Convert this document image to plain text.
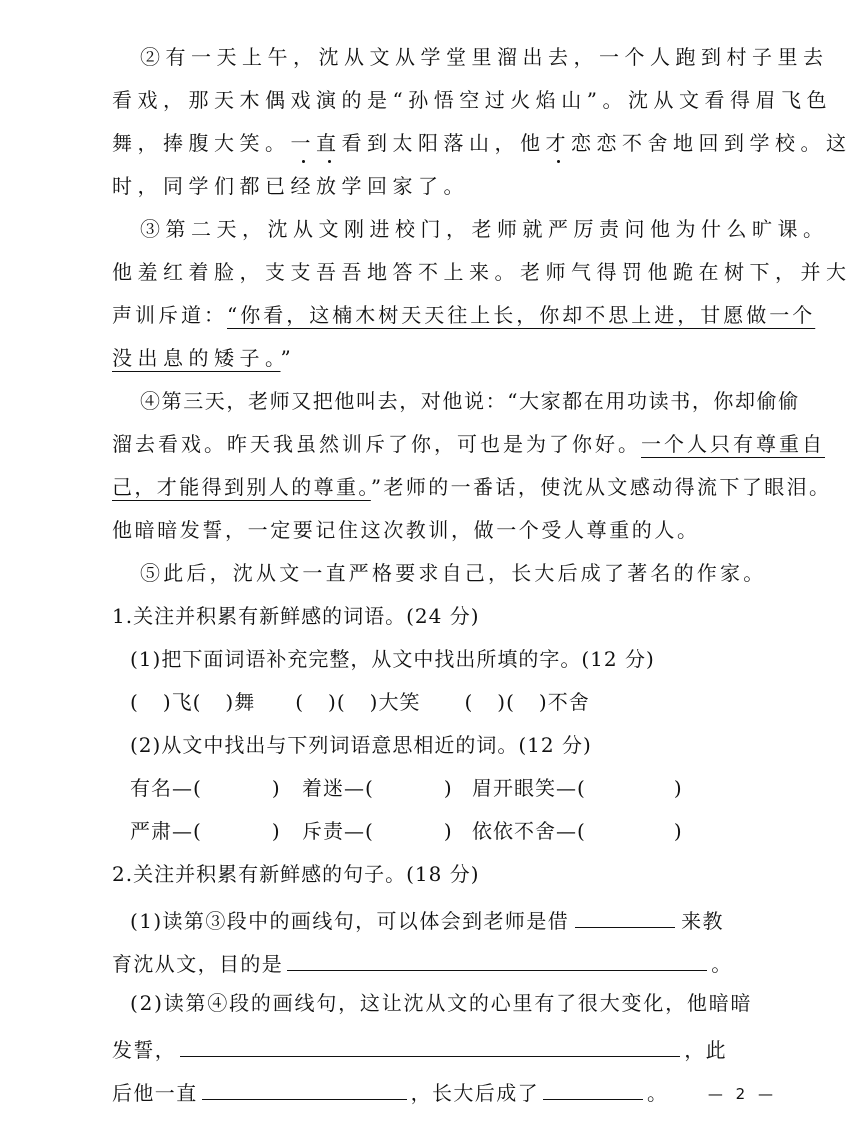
②有一天上午，沈从文从学堂里溜出去，一个人跑到村子里去
看戏，那天木偶戏演的是“孙悟空过火焰山”。沈从文看得眉飞色
舞，捧腹大笑。一直看到太阳落山，他才恋恋不舍地回到学校。这
时，同学们都已经放学回家了。
③第二天，沈从文刚进校门，老师就严厉责问他为什么旷课。
他羞红着脸，支支吾吾地答不上来。老师气得罚他跪在树下，并大
声训斥道：“你看，这楠木树天天往上长，你却不思上进，甘愿做一个
没出息的矮子。”
④第三天，老师又把他叫去，对他说：“大家都在用功读书，你却偷偷
溜去看戏。昨天我虽然训斥了你，可也是为了你好。一个人只有尊重自
己，才能得到别人的尊重。”老师的一番话，使沈从文感动得流下了眼泪。
他暗暗发誓，一定要记住这次教训，做一个受人尊重的人。
⑤此后，沈从文一直严格要求自己，长大后成了著名的作家。
1.关注并积累有新鲜感的词语。(24 分)
(1)把下面词语补充完整，从文中找出所填的字。(12 分)
( )飞( )舞 ( )( )大笑 ( )( )不舍
(2)从文中找出与下列词语意思相近的词。(12 分)
有名—(	) 着迷—(	) 眉开眼笑—(	)
严肃—(	) 斥责—(	) 依依不舍—(	)
2.关注并积累有新鲜感的句子。(18 分)
(1)读第③段中的画线句，可以体会到老师是借	来教
育沈从文，目的是	。
(2)读第④段的画线句，这让沈从文的心里有了很大变化，他暗暗
发誓，	，此
后他一直	，长大后成了	。	— 2 —
